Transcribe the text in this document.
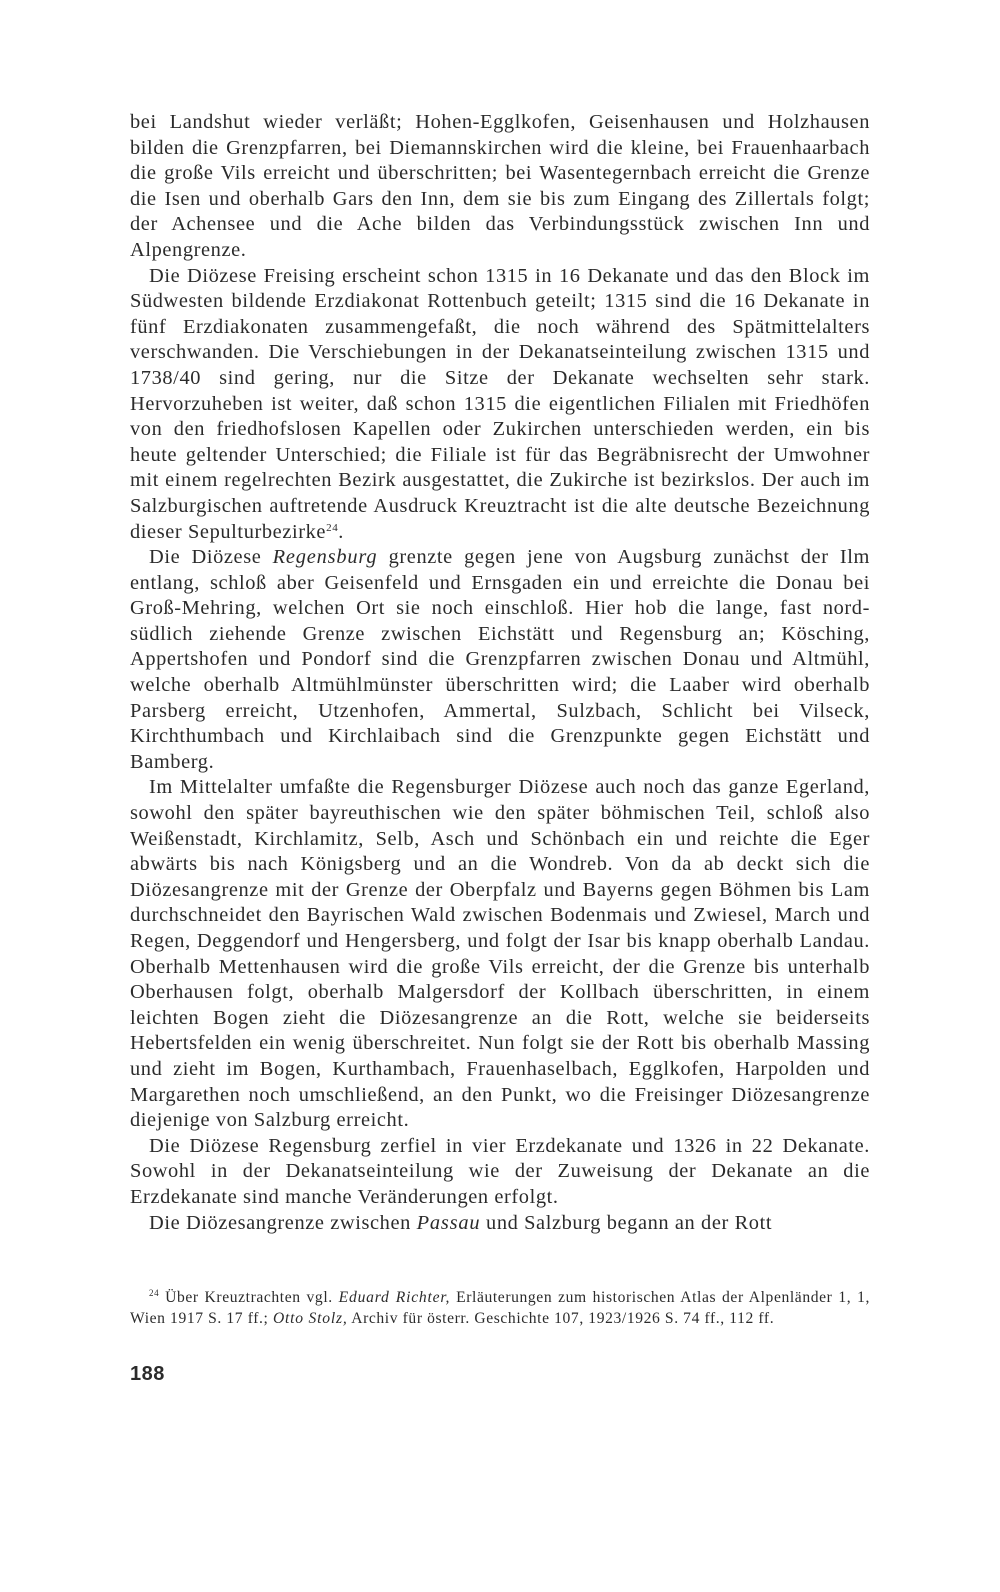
bei Landshut wieder verläßt; Hohen-Egglkofen, Geisenhausen und Holzhausen bilden die Grenzpfarren, bei Diemannskirchen wird die kleine, bei Frauenhaarbach die große Vils erreicht und überschritten; bei Wasentegernbach erreicht die Grenze die Isen und oberhalb Gars den Inn, dem sie bis zum Eingang des Zillertals folgt; der Achensee und die Ache bilden das Verbindungsstück zwischen Inn und Alpengrenze.

Die Diözese Freising erscheint schon 1315 in 16 Dekanate und das den Block im Südwesten bildende Erzdiakonat Rottenbuch geteilt; 1315 sind die 16 Dekanate in fünf Erzdiakonaten zusammengefaßt, die noch während des Spätmittelalters verschwanden. Die Verschiebungen in der Dekanatseinteilung zwischen 1315 und 1738/40 sind gering, nur die Sitze der Dekanate wechselten sehr stark. Hervorzuheben ist weiter, daß schon 1315 die eigentlichen Filialen mit Friedhöfen von den friedhofslosen Kapellen oder Zukirchen unterschieden werden, ein bis heute geltender Unterschied; die Filiale ist für das Begräbnisrecht der Umwohner mit einem regelrechten Bezirk ausgestattet, die Zukirche ist bezirkslos. Der auch im Salzburgischen auftretende Ausdruck Kreuztracht ist die alte deutsche Bezeichnung dieser Sepulturbezirke$^{24}$.

Die Diözese Regensburg grenzte gegen jene von Augsburg zunächst der Ilm entlang, schloß aber Geisenfeld und Ernsgaden ein und erreichte die Donau bei Groß-Mehring, welchen Ort sie noch einschloß. Hier hob die lange, fast nord-südlich ziehende Grenze zwischen Eichstätt und Regensburg an; Kösching, Appertshofen und Pondorf sind die Grenzpfarren zwischen Donau und Altmühl, welche oberhalb Altmühlmünster überschritten wird; die Laaber wird oberhalb Parsberg erreicht, Utzenhofen, Ammertal, Sulzbach, Schlicht bei Vilseck, Kirchthumbach und Kirchlaibach sind die Grenzpunkte gegen Eichstätt und Bamberg.

Im Mittelalter umfaßte die Regensburger Diözese auch noch das ganze Egerland, sowohl den später bayreuthischen wie den später böhmischen Teil, schloß also Weißenstadt, Kirchlamitz, Selb, Asch und Schönbach ein und reichte die Eger abwärts bis nach Königsberg und an die Wondreb. Von da ab deckt sich die Diözesangrenze mit der Grenze der Oberpfalz und Bayerns gegen Böhmen bis Lam durchschneidet den Bayrischen Wald zwischen Bodenmais und Zwiesel, March und Regen, Deggendorf und Hengersberg, und folgt der Isar bis knapp oberhalb Landau. Oberhalb Mettenhausen wird die große Vils erreicht, der die Grenze bis unterhalb Oberhausen folgt, oberhalb Malgersdorf der Kollbach überschritten, in einem leichten Bogen zieht die Diözesangrenze an die Rott, welche sie beiderseits Hebertsfelden ein wenig überschreitet. Nun folgt sie der Rott bis oberhalb Massing und zieht im Bogen, Kurthambach, Frauenhaselbach, Egglkofen, Harpolden und Margarethen noch umschließend, an den Punkt, wo die Freisinger Diözesangrenze diejenige von Salzburg erreicht.

Die Diözese Regensburg zerfiel in vier Erzdekanate und 1326 in 22 Dekanate. Sowohl in der Dekanatseinteilung wie der Zuweisung der Dekanate an die Erzdekanate sind manche Veränderungen erfolgt.

Die Diözesangrenze zwischen Passau und Salzburg begann an der Rott

$^{24}$ Über Kreuztrachten vgl. Eduard Richter, Erläuterungen zum historischen Atlas der Alpenländer 1, 1, Wien 1917 S. 17 ff.; Otto Stolz, Archiv für österr. Geschichte 107, 1923/1926 S. 74 ff., 112 ff.

188
